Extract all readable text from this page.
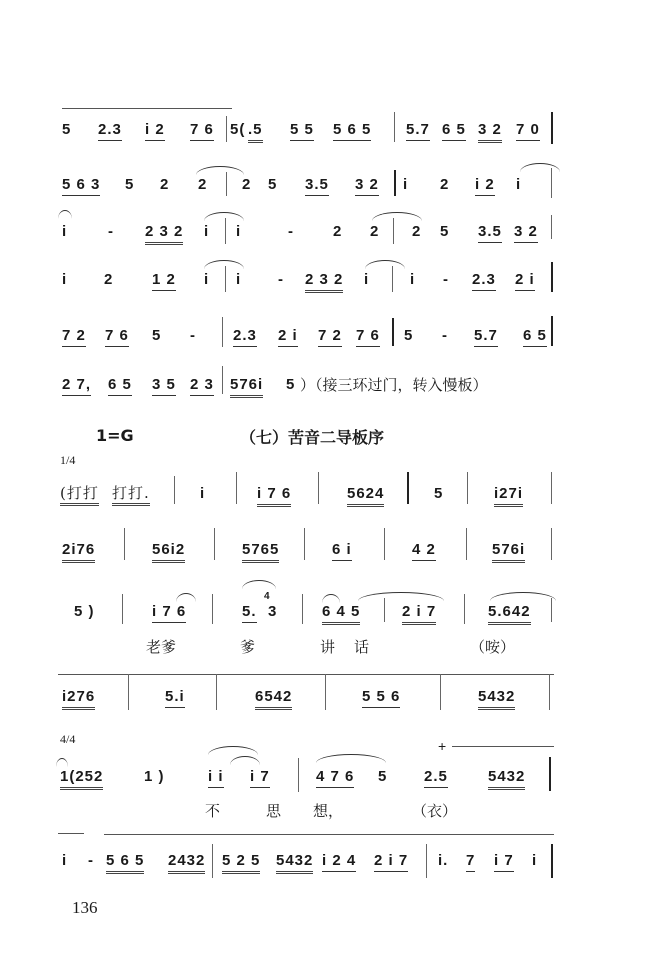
5 2.3 i 2 7 6 5( .5 5 5 5 6 5 5.7 6 5 3 2 7 0
5 6 3 5 2 2 2 5 3.5 3 2 i 2 i 2 i
i	- 2 3 2 i i	-	2 2 2 5 3.5 3 2
i 2	1 2 i i - 2 3 2 i	i - 2.3 2 i
7 2 7 6 5 - 2.3 2 i 7 2 7 6 5 - 5.7 6 5
2 7, 6 5 3 5 2 3 576i 5 ）（接三环过门，转入慢板）
1=G	（七）苦音二导板序
1/4
(打打 打打.	i	i 7 6	5624	5	i27i
2i76	56i2	5765	6 i	4 2	576i
5 )	i 7 6	5.
4
3	6 4 5	2 i 7	5.642
老爹	爹	讲 话	（咹）
i276	5.i	6542	5 5 6	5432
4/4	+
1(252	1 )	i i i 7	4 7 6 5 2.5	5432
不	思 想，	（衣）
i - 5 6 5 2432 5 2 5 5432 i 2 4 2 i 7 i. 7 i 7 i
136
